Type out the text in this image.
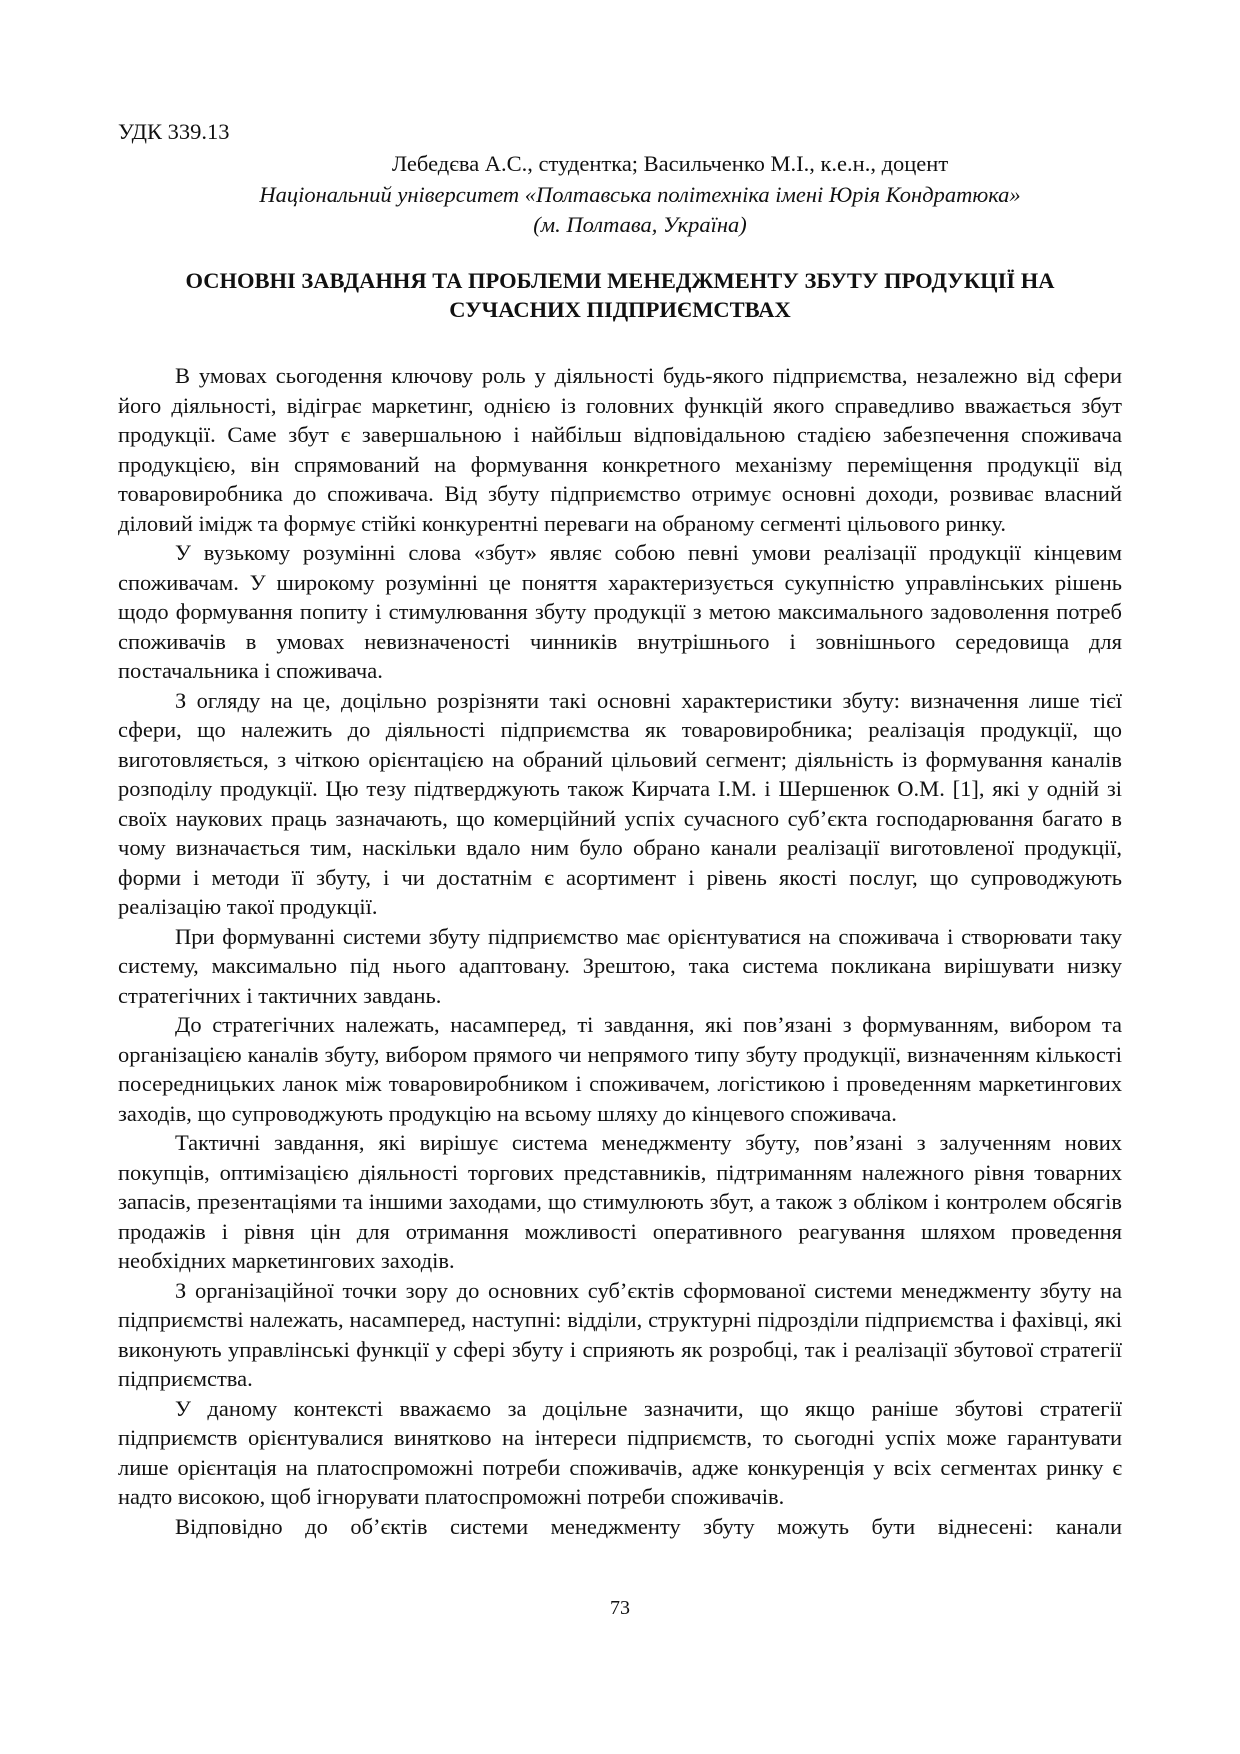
УДК 339.13
Лебедєва А.С., студентка; Васильченко М.І., к.е.н., доцент
Національний університет «Полтавська політехніка імені Юрія Кондратюка»
(м. Полтава, Україна)
ОСНОВНІ ЗАВДАННЯ ТА ПРОБЛЕМИ МЕНЕДЖМЕНТУ ЗБУТУ ПРОДУКЦІЇ НА
СУЧАСНИХ ПІДПРИЄМСТВАХ

В умовах сьогодення ключову роль у діяльності будь-якого підприємства, незалежно від сфери його діяльності, відіграє маркетинг, однією із головних функцій якого справедливо вважається збут продукції. Саме збут є завершальною і найбільш відповідальною стадією забезпечення споживача продукцією, він спрямований на формування конкретного механізму переміщення продукції від товаровиробника до споживача. Від збуту підприємство отримує основні доходи, розвиває власний діловий імідж та формує стійкі конкурентні переваги на обраному сегменті цільового ринку.

У вузькому розумінні слова «збут» являє собою певні умови реалізації продукції кінцевим споживачам. У широкому розумінні це поняття характеризується сукупністю управлінських рішень щодо формування попиту і стимулювання збуту продукції з метою максимального задоволення потреб споживачів в умовах невизначеності чинників внутрішнього і зовнішнього середовища для постачальника і споживача.

З огляду на це, доцільно розрізняти такі основні характеристики збуту: визначення лише тієї сфери, що належить до діяльності підприємства як товаровиробника; реалізація продукції, що виготовляється, з чіткою орієнтацією на обраний цільовий сегмент; діяльність із формування каналів розподілу продукції. Цю тезу підтверджують також Кирчата І.М. і Шершенюк О.М. [1], які у одній зі своїх наукових праць зазначають, що комерційний успіх сучасного суб’єкта господарювання багато в чому визначається тим, наскільки вдало ним було обрано канали реалізації виготовленої продукції, форми і методи її збуту, і чи достатнім є асортимент і рівень якості послуг, що супроводжують реалізацію такої продукції.

При формуванні системи збуту підприємство має орієнтуватися на споживача і створювати таку систему, максимально під нього адаптовану. Зрештою, така система покликана вирішувати низку стратегічних і тактичних завдань.

До стратегічних належать, насамперед, ті завдання, які пов’язані з формуванням, вибором та організацією каналів збуту, вибором прямого чи непрямого типу збуту продукції, визначенням кількості посередницьких ланок між товаровиробником і споживачем, логістикою і проведенням маркетингових заходів, що супроводжують продукцію на всьому шляху до кінцевого споживача.

Тактичні завдання, які вирішує система менеджменту збуту, пов’язані з залученням нових покупців, оптимізацією діяльності торгових представників, підтриманням належного рівня товарних запасів, презентаціями та іншими заходами, що стимулюють збут, а також з обліком і контролем обсягів продажів і рівня цін для отримання можливості оперативного реагування шляхом проведення необхідних маркетингових заходів.

З організаційної точки зору до основних суб’єктів сформованої системи менеджменту збуту на підприємстві належать, насамперед, наступні: відділи, структурні підрозділи підприємства і фахівці, які виконують управлінські функції у сфері збуту і сприяють як розробці, так і реалізації збутової стратегії підприємства.

У даному контексті вважаємо за доцільне зазначити, що якщо раніше збутові стратегії підприємств орієнтувалися винятково на інтереси підприємств, то сьогодні успіх може гарантувати лише орієнтація на платоспроможні потреби споживачів, адже конкуренція у всіх сегментах ринку є надто високою, щоб ігнорувати платоспроможні потреби споживачів.

Відповідно до об’єктів системи менеджменту збуту можуть бути віднесені: канали

73
